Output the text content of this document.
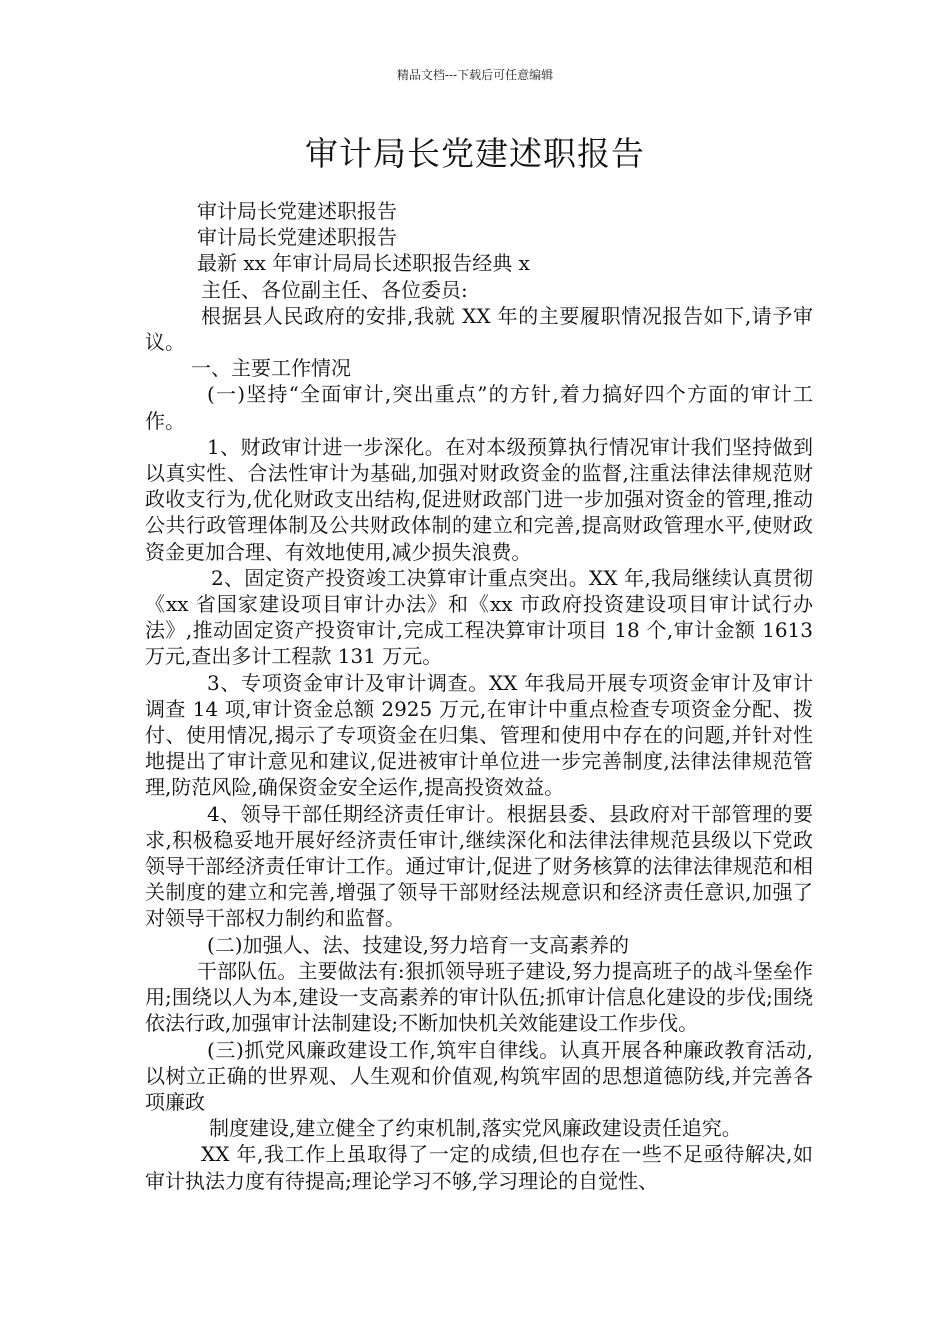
精品文档---下载后可任意编辑
审计局长党建述职报告

审计局长党建述职报告

审计局长党建述职报告

最新 xx 年审计局局长述职报告经典 x

主任、各位副主任、各位委员:

根据县人民政府的安排,我就 XX 年的主要履职情况报告如下,请予审议。

一、主要工作情况

(一)坚持“全面审计,突出重点”的方针,着力搞好四个方面的审计工作。

1、财政审计进一步深化。在对本级预算执行情况审计我们坚持做到以真实性、合法性审计为基础,加强对财政资金的监督,注重法律法律规范财政收支行为,优化财政支出结构,促进财政部门进一步加强对资金的管理,推动公共行政管理体制及公共财政体制的建立和完善,提高财政管理水平,使财政资金更加合理、有效地使用,减少损失浪费。

2、固定资产投资竣工决算审计重点突出。XX 年,我局继续认真贯彻《xx 省国家建设项目审计办法》和《xx 市政府投资建设项目审计试行办法》,推动固定资产投资审计,完成工程决算审计项目 18 个,审计金额 1613 万元,查出多计工程款 131 万元。

3、专项资金审计及审计调查。XX 年我局开展专项资金审计及审计调查 14 项,审计资金总额 2925 万元,在审计中重点检查专项资金分配、拨付、使用情况,揭示了专项资金在归集、管理和使用中存在的问题,并针对性地提出了审计意见和建议,促进被审计单位进一步完善制度,法律法律规范管理,防范风险,确保资金安全运作,提高投资效益。

4、领导干部任期经济责任审计。根据县委、县政府对干部管理的要求,积极稳妥地开展好经济责任审计,继续深化和法律法律规范县级以下党政领导干部经济责任审计工作。通过审计,促进了财务核算的法律法律规范和相关制度的建立和完善,增强了领导干部财经法规意识和经济责任意识,加强了对领导干部权力制约和监督。

(二)加强人、法、技建设,努力培育一支高素养的

干部队伍。主要做法有:狠抓领导班子建设,努力提高班子的战斗堡垒作用;围绕以人为本,建设一支高素养的审计队伍;抓审计信息化建设的步伐;围绕依法行政,加强审计法制建设;不断加快机关效能建设工作步伐。

(三)抓党风廉政建设工作,筑牢自律线。认真开展各种廉政教育活动,以树立正确的世界观、人生观和价值观,构筑牢固的思想道德防线,并完善各项廉政

制度建设,建立健全了约束机制,落实党风廉政建设责任追究。

XX 年,我工作上虽取得了一定的成绩,但也存在一些不足亟待解决,如审计执法力度有待提高;理论学习不够,学习理论的自觉性、
